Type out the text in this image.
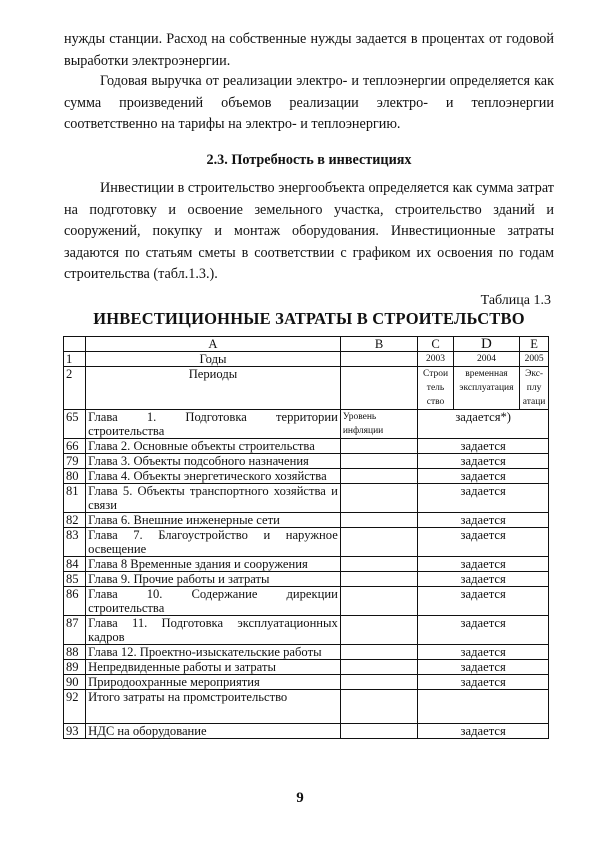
нужды станции. Расход на собственные нужды задается в процентах от годовой выработки электроэнергии.

Годовая выручка от реализации электро- и теплоэнергии определяется как сумма произведений объемов реализации электро- и теплоэнергии соответственно на тарифы на электро- и теплоэнергию.

2.3. Потребность в инвестициях

Инвестиции в строительство энергообъекта определяется как сумма затрат на подготовку и освоение земельного участка, строительство зданий и сооружений, покупку и монтаж оборудования. Инвестиционные затраты задаются по статьям сметы в соответствии с графиком их освоения по годам строительства (табл.1.3.).

Таблица 1.3

ИНВЕСТИЦИОННЫЕ ЗАТРАТЫ В СТРОИТЕЛЬСТВО

	A	B	C	D	E
1	Годы		2003	2004	2005
2	Периоды		Строи тель ство	временная эксплуатация	Экс- плу атаци
65	Глава 1. Подготовка территории строительства	Уровень инфляции	задается*)		
66	Глава 2. Основные объекты строительства		задается		
79	Глава 3. Объекты подсобного назначения		задается		
80	Глава 4. Объекты энергетического хозяйства		задается		
81	Глава 5. Объекты транспортного хозяйства и связи		задается		
82	Глава 6. Внешние инженерные сети		задается		
83	Глава 7. Благоустройство и наружное освещение		задается		
84	Глава 8 Временные здания и сооружения		задается		
85	Глава 9. Прочие работы и затраты		задается		
86	Глава 10. Содержание дирекции строительства		задается		
87	Глава 11. Подготовка эксплуатационных кадров		задается		
88	Глава 12. Проектно-изыскательские работы		задается		
89	Непредвиденные работы и затраты		задается		
90	Природоохранные мероприятия		задается		
92	Итого затраты на промстроительство				
93	НДС на оборудование		задается		

9
